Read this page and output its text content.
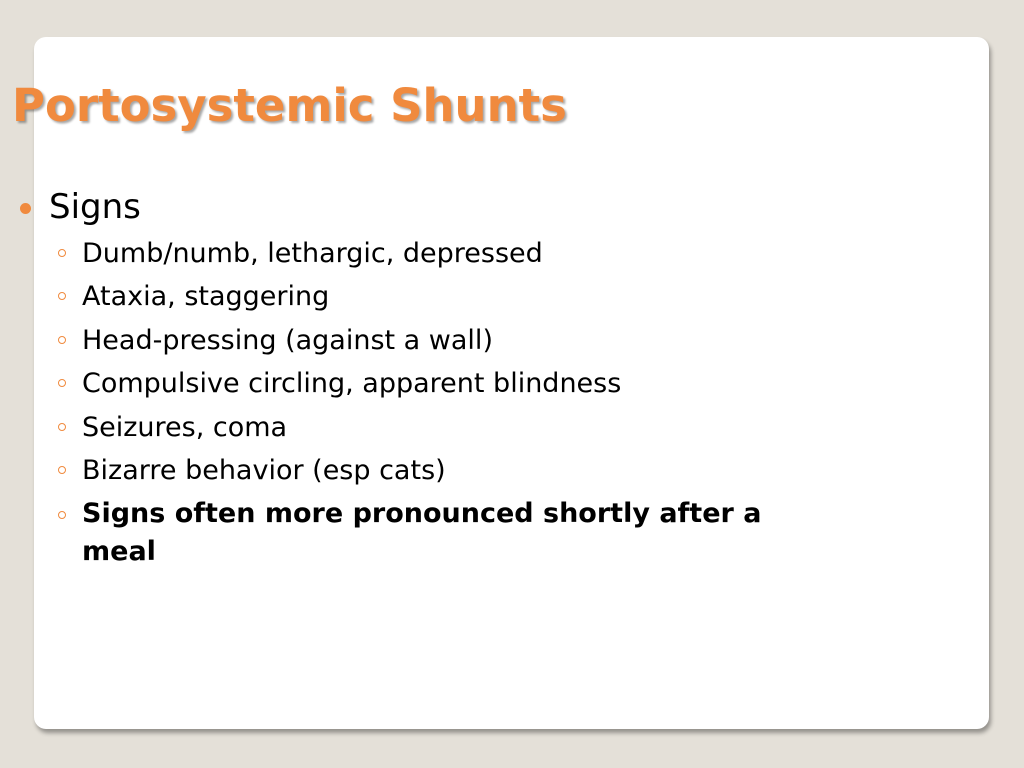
Portosystemic Shunts
Signs
Dumb/numb, lethargic, depressed
Ataxia, staggering
Head-pressing (against a wall)
Compulsive circling, apparent blindness
Seizures, coma
Bizarre behavior (esp cats)
Signs often more pronounced shortly after a meal
